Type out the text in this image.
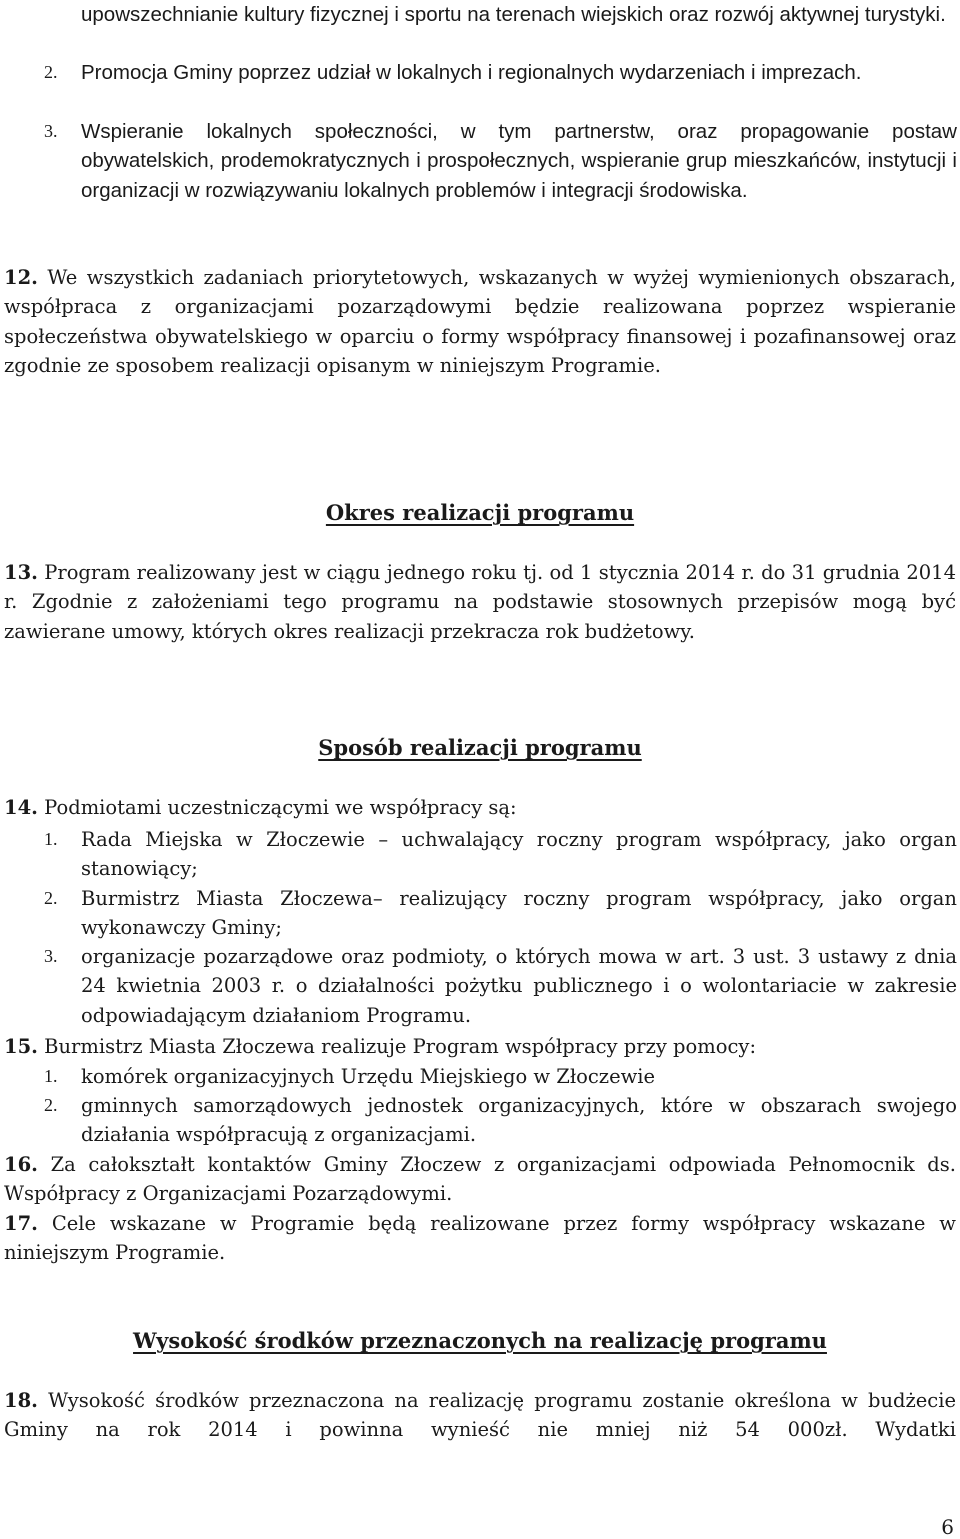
upowszechnianie kultury fizycznej i sportu na terenach wiejskich oraz rozwój aktywnej turystyki.

2. Promocja Gminy poprzez udział w lokalnych i regionalnych wydarzeniach i imprezach.

3. Wspieranie lokalnych społeczności, w tym partnerstw, oraz propagowanie postaw obywatelskich, prodemokratycznych i prospołecznych, wspieranie grup mieszkańców, instytucji i organizacji w rozwiązywaniu lokalnych problemów i integracji środowiska.

12. We wszystkich zadaniach priorytetowych, wskazanych w wyżej wymienionych obszarach, współpraca z organizacjami pozarządowymi będzie realizowana poprzez wspieranie społeczeństwa obywatelskiego w oparciu o formy współpracy finansowej i pozafinansowej oraz zgodnie ze sposobem realizacji opisanym w niniejszym Programie.

Okres realizacji programu

13. Program realizowany jest w ciągu jednego roku tj. od 1 stycznia 2014 r. do 31 grudnia 2014 r. Zgodnie z założeniami tego programu na podstawie stosownych przepisów mogą być zawierane umowy, których okres realizacji przekracza rok budżetowy.

Sposób realizacji programu

14. Podmiotami uczestniczącymi we współpracy są:

1. Rada Miejska w Złoczewie – uchwalający roczny program współpracy, jako organ stanowiący;

2. Burmistrz Miasta Złoczewa– realizujący roczny program współpracy, jako organ wykonawczy Gminy;

3. organizacje pozarządowe oraz podmioty, o których mowa w art. 3 ust. 3 ustawy z dnia 24 kwietnia 2003 r. o działalności pożytku publicznego i o wolontariacie w zakresie odpowiadającym działaniom Programu.

15. Burmistrz Miasta Złoczewa realizuje Program współpracy przy pomocy:

1. komórek organizacyjnych Urzędu Miejskiego w Złoczewie

2. gminnych samorządowych jednostek organizacyjnych, które w obszarach swojego działania współpracują z organizacjami.

16. Za całokształt kontaktów Gminy Złoczew z organizacjami odpowiada Pełnomocnik ds. Współpracy z Organizacjami Pozarządowymi.

17. Cele wskazane w Programie będą realizowane przez formy współpracy wskazane w niniejszym Programie.

Wysokość środków przeznaczonych na realizację programu

18. Wysokość środków przeznaczona na realizację programu zostanie określona w budżecie Gminy na rok 2014 i powinna wynieść nie mniej niż 54 000zł. Wydatki

6
